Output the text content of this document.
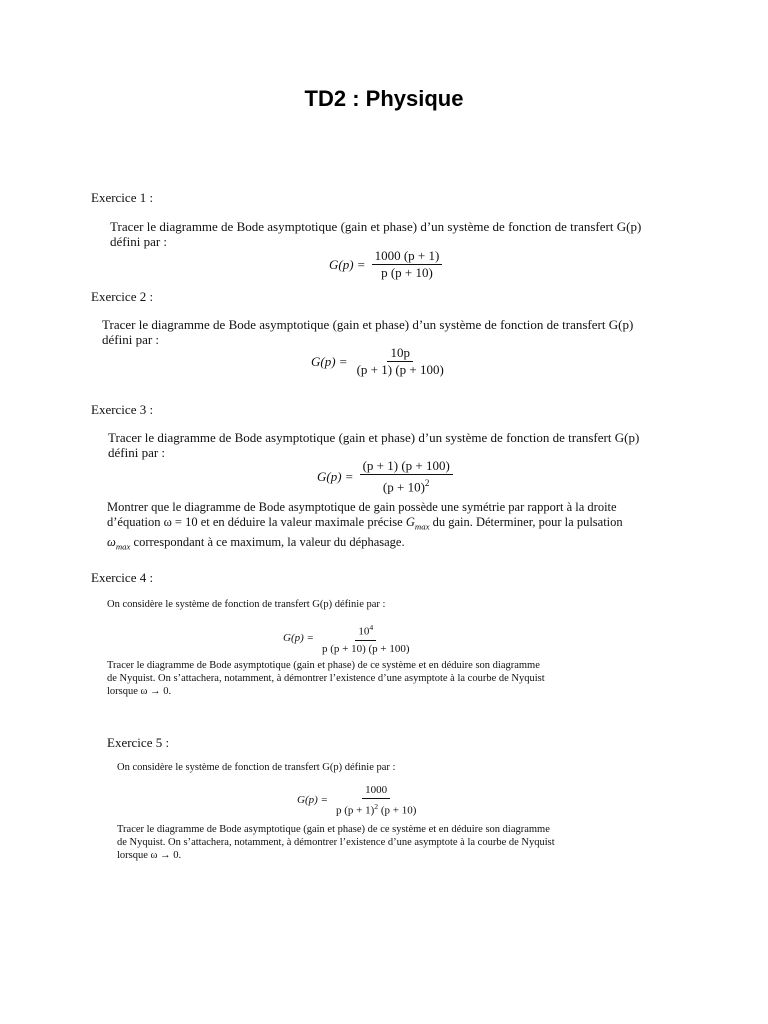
TD2 : Physique
Exercice 1 :
Tracer le diagramme de Bode asymptotique (gain et phase) d’un système de fonction de transfert G(p)
défini par :
$G(p) = \frac{1000 (p + 1)}{p (p + 10)}$
Exercice 2 :
Tracer le diagramme de Bode asymptotique (gain et phase) d’un système de fonction de transfert G(p)
défini par :
$G(p) = \frac{10p}{(p + 1) (p + 100)}$
Exercice 3 :
Tracer le diagramme de Bode asymptotique (gain et phase) d’un système de fonction de transfert G(p)
défini par :
$G(p) = \frac{(p + 1) (p + 100)}{(p + 10)^2}$
Montrer que le diagramme de Bode asymptotique de gain possède une symétrie par rapport à la droite
d’équation ω = 10 et en déduire la valeur maximale précise $G_{max}$ du gain. Déterminer, pour la pulsation
$\omega_{max}$ correspondant à ce maximum, la valeur du déphasage.
Exercice 4 :
On considère le système de fonction de transfert G(p) définie par :
$G(p) = \frac{10^4}{p (p + 10) (p + 100)}$
Tracer le diagramme de Bode asymptotique (gain et phase) de ce système et en déduire son diagramme
de Nyquist. On s’attachera, notamment, à démontrer l’existence d’une asymptote à la courbe de Nyquist
lorsque ω → 0.
Exercice 5 :
On considère le système de fonction de transfert G(p) définie par :
$G(p) = \frac{1000}{p (p + 1)^2 (p + 10)}$
Tracer le diagramme de Bode asymptotique (gain et phase) de ce système et en déduire son diagramme
de Nyquist. On s’attachera, notamment, à démontrer l’existence d’une asymptote à la courbe de Nyquist
lorsque ω → 0.
